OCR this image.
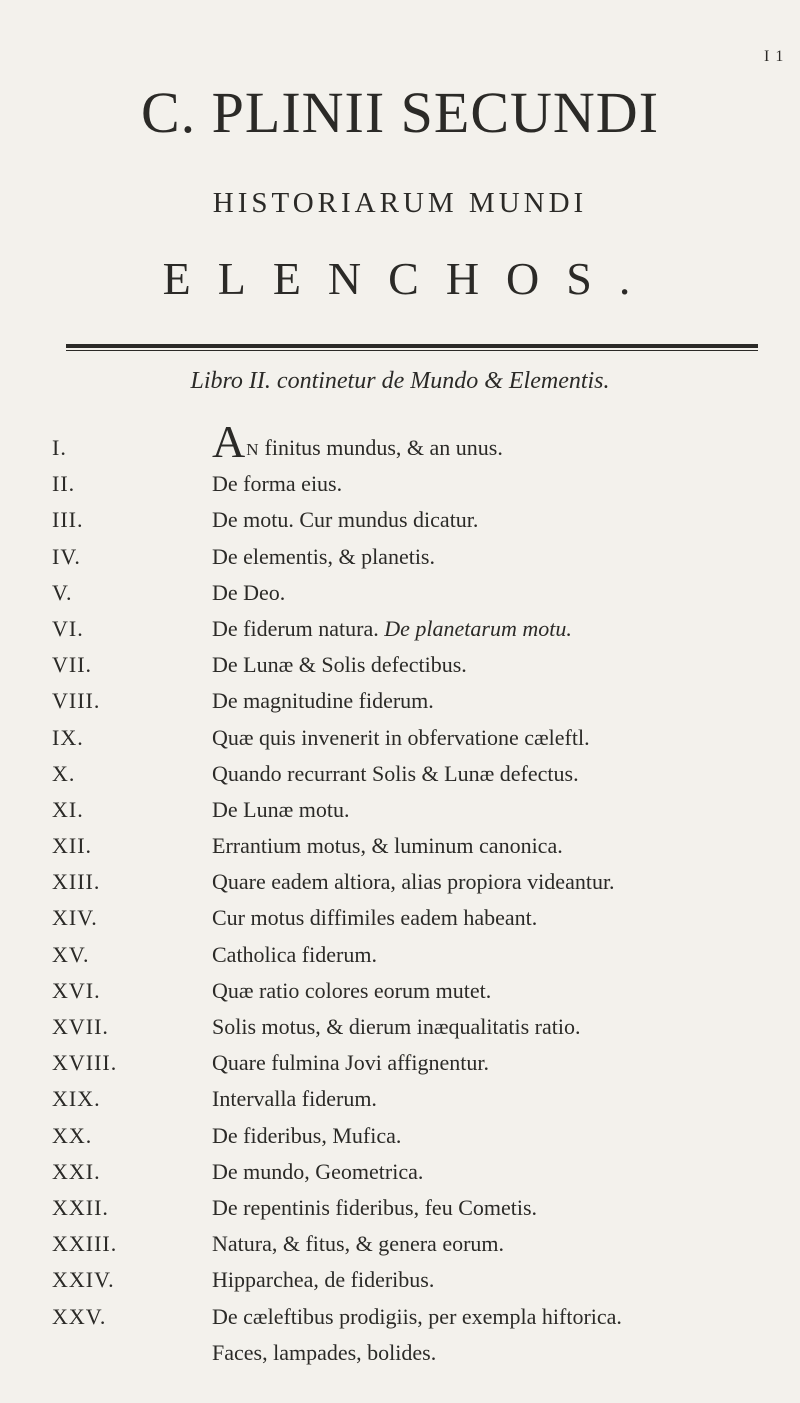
I 1
C. PLINII SECUNDI
HISTORIARUM MUNDI
ELENCHOS.
Libro II. continetur de Mundo & Elementis.
I.	AN finitus mundus, & an unus.
II.	De forma eius.
III.	De motu. Cur mundus dicatur.
IV.	De elementis, & planetis.
V.	De Deo.
VI.	De fiderum natura. De planetarum motu.
VII.	De Lunæ & Solis defectibus.
VIII.	De magnitudine fiderum.
IX.	Quæ quis invenerit in obfervatione cæleftl.
X.	Quando recurrant Solis & Lunæ defectus.
XI.	De Lunæ motu.
XII.	Errantium motus, & luminum canonica.
XIII.	Quare eadem altiora, alias propiora videantur.
XIV.	Cur motus diffimiles eadem habeant.
XV.	Catholica fiderum.
XVI.	Quæ ratio colores eorum mutet.
XVII.	Solis motus, & dierum inæqualitatis ratio.
XVIII.	Quare fulmina Jovi affignentur.
XIX.	Intervalla fiderum.
XX.	De fideribus, Mufica.
XXI.	De mundo, Geometrica.
XXII.	De repentinis fideribus, feu Cometis.
XXIII.	Natura, & fitus, & genera eorum.
XXIV.	Hipparchea, de fideribus.
XXV.	De cæleftibus prodigiis, per exempla hiftorica.
Faces, lampades, bolides.
